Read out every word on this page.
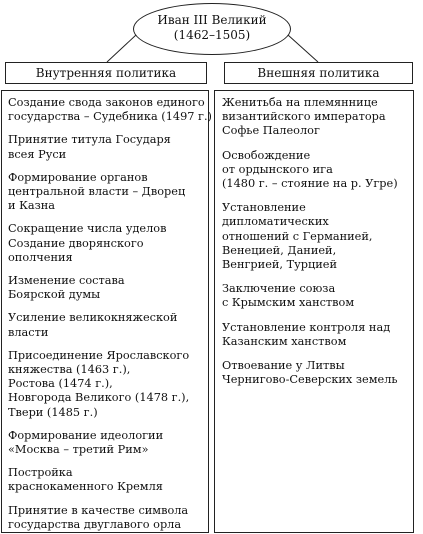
Иван III Великий
(1462–1505)
Внутренняя политика	Внешняя политика
Создание свода законов единого
государства – Судебника (1497 г.)
Принятие титула Государя
всея Руси
Формирование органов
центральной власти – Дворец
и Казна
Сокращение числа уделов
Создание дворянского
ополчения
Изменение состава
Боярской думы
Усиление великокняжеской
власти
Присоединение Ярославского
княжества (1463 г.),
Ростова (1474 г.),
Новгорода Великого (1478 г.),
Твери (1485 г.)
Формирование идеологии
«Москва – третий Рим»
Постройка
краснокаменного Кремля
Принятие в качестве символа
государства двуглавого орла
Женитьба на племяннице
византийского императора
Софье Палеолог
Освобождение
от ордынского ига
(1480 г. – стояние на р. Угре)
Установление
дипломатических
отношений с Германией,
Венецией, Данией,
Венгрией, Турцией
Заключение союза
с Крымским ханством
Установление контроля над
Казанским ханством
Отвоевание у Литвы
Чернигово-Северских земель
